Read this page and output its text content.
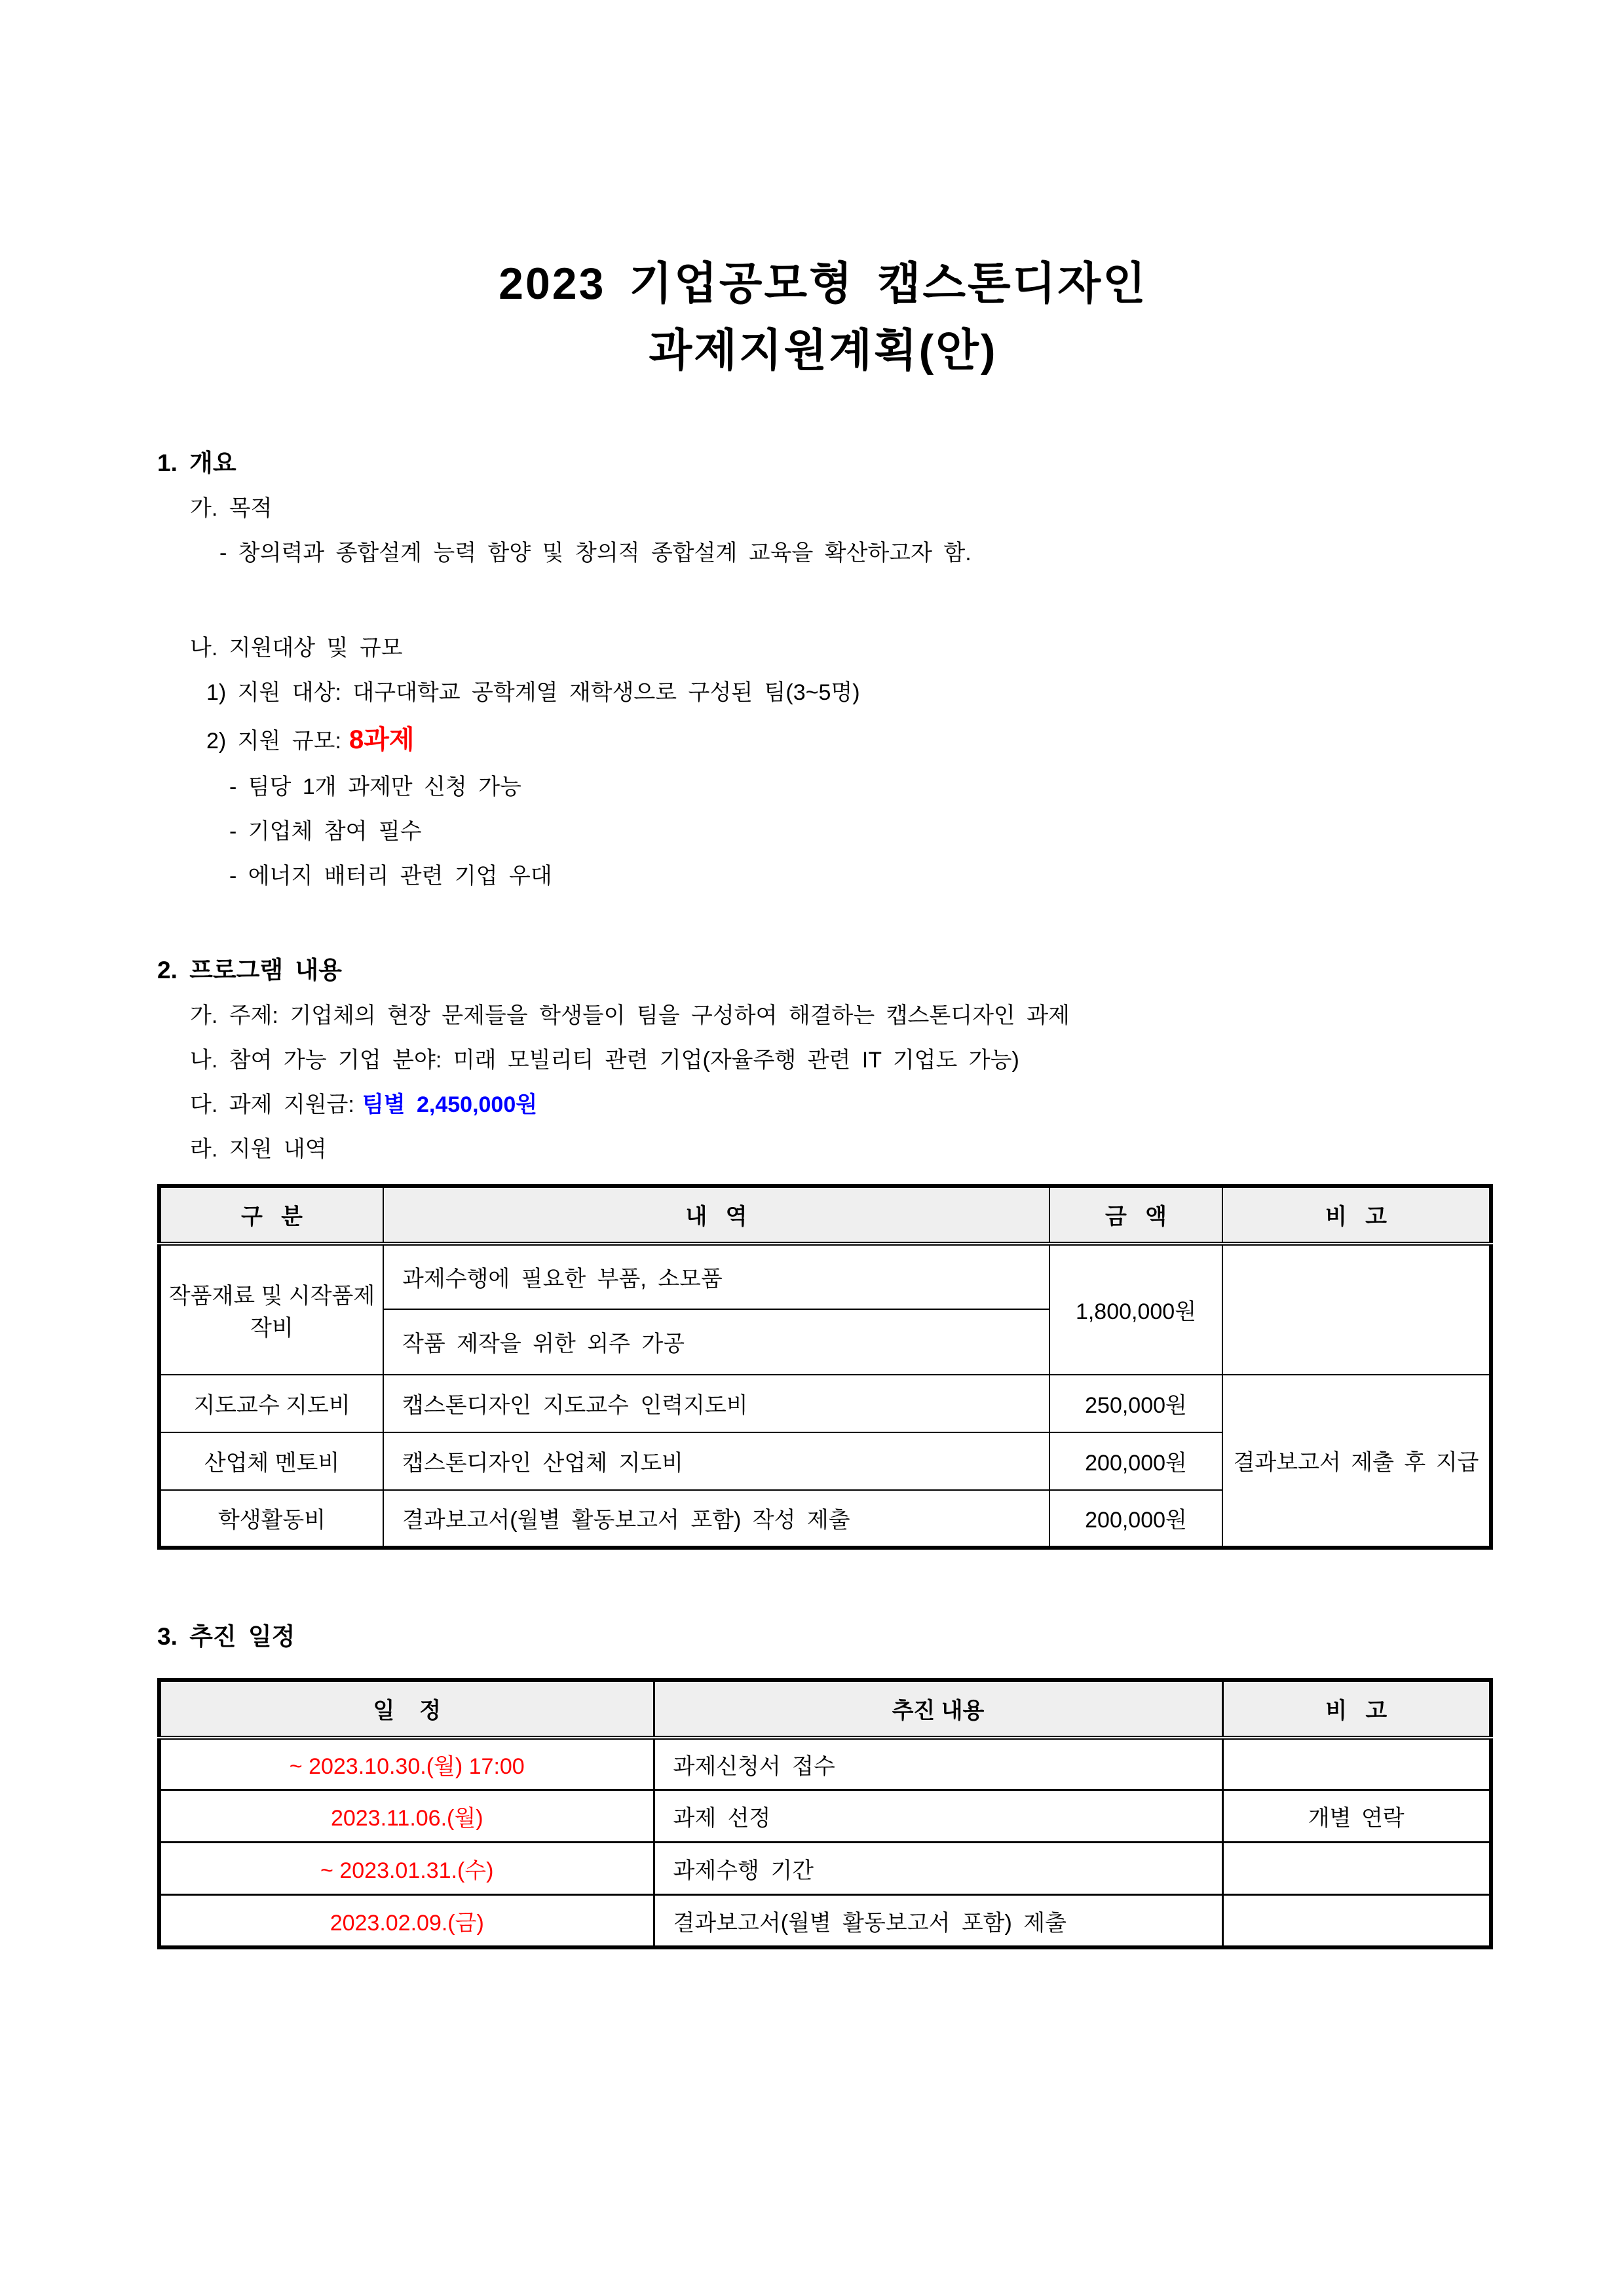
2023 기업공모형 캡스톤디자인
과제지원계획(안)
1. 개요
가. 목적
- 창의력과 종합설계 능력 함양 및 창의적 종합설계 교육을 확산하고자 함.
나. 지원대상 및 규모
1) 지원 대상: 대구대학교 공학계열 재학생으로 구성된 팀(3~5명)
2) 지원 규모: 8과제
- 팀당 1개 과제만 신청 가능
- 기업체 참여 필수
- 에너지 배터리 관련 기업 우대
2. 프로그램 내용
가. 주제: 기업체의 현장 문제들을 학생들이 팀을 구성하여 해결하는 캡스톤디자인 과제
나. 참여 가능 기업 분야: 미래 모빌리티 관련 기업(자율주행 관련 IT 기업도 가능)
다. 과제 지원금: 팀별 2,450,000원
라. 지원 내역
구   분	내   역	금   액	비   고
작품재료 및 시작품제작비	과제수행에 필요한 부품, 소모품	1,800,000원	
	작품 제작을 위한 외주 가공		
지도교수 지도비	캡스톤디자인 지도교수 인력지도비	250,000원	결과보고서 제출 후 지급
산업체 멘토비	캡스톤디자인 산업체 지도비	200,000원	
학생활동비	결과보고서(월별 활동보고서 포함) 작성 제출	200,000원	
3. 추진 일정
일    정	추진 내용	비   고
~ 2023.10.30.(월) 17:00	과제신청서 접수	
2023.11.06.(월)	과제 선정	개별 연락
~ 2023.01.31.(수)	과제수행 기간	
2023.02.09.(금)	결과보고서(월별 활동보고서 포함) 제출	
